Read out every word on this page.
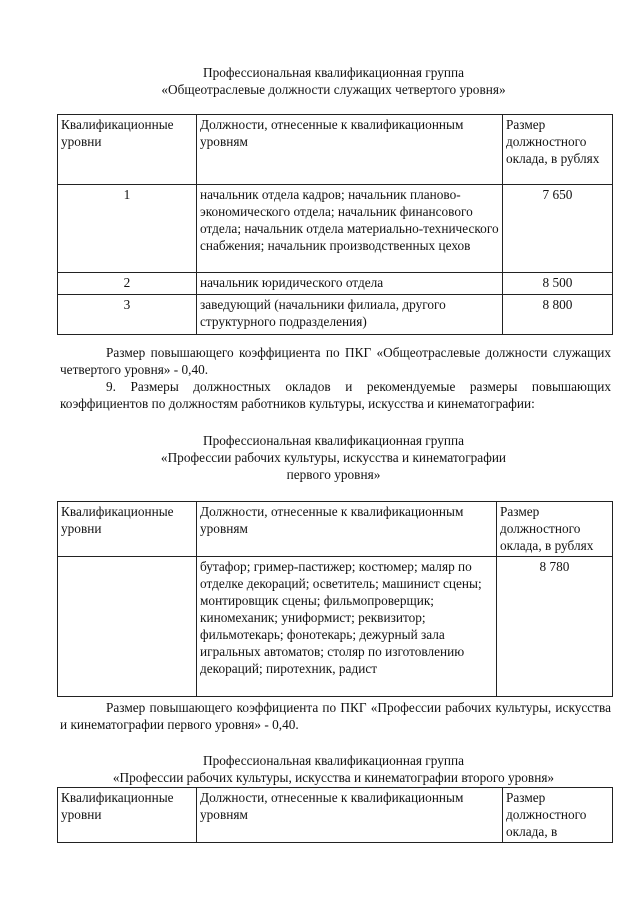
Профессиональная квалификационная группа
«Общеотраслевые должности служащих четвертого уровня»
Квалификационные уровни	Должности, отнесенные к квалификационным уровням	Размер должностного оклада, в рублях
1	начальник отдела кадров; начальник планово-экономического отдела; начальник финансового отдела; начальник отдела материально-технического снабжения; начальник производственных цехов	7 650
2	начальник юридического отдела	8 500
3	заведующий (начальники филиала, другого структурного подразделения)	8 800

Размер повышающего коэффициента по ПКГ «Общеотраслевые должности служащих четвертого уровня» - 0,40.

9. Размеры должностных окладов и рекомендуемые размеры повышающих коэффициентов по должностям работников культуры, искусства и кинематографии:

Профессиональная квалификационная группа
«Профессии рабочих культуры, искусства и кинематографии
первого уровня»
Квалификационные уровни	Должности, отнесенные к квалификационным уровням	Размер должностного оклада, в рублях
	бутафор; гример-пастижер; костюмер; маляр по отделке декораций; осветитель; машинист сцены; монтировщик сцены; фильмопроверщик; киномеханик; униформист; реквизитор; фильмотекарь; фонотекарь; дежурный зала игральных автоматов; столяр по изготовлению декораций; пиротехник, радист	8 780

Размер повышающего коэффициента по ПКГ «Профессии рабочих культуры, искусства и кинематографии первого уровня» - 0,40.

Профессиональная квалификационная группа
«Профессии рабочих культуры, искусства и кинематографии второго уровня»
Квалификационные уровни	Должности, отнесенные к квалификационным уровням	Размер должностного оклада, в
